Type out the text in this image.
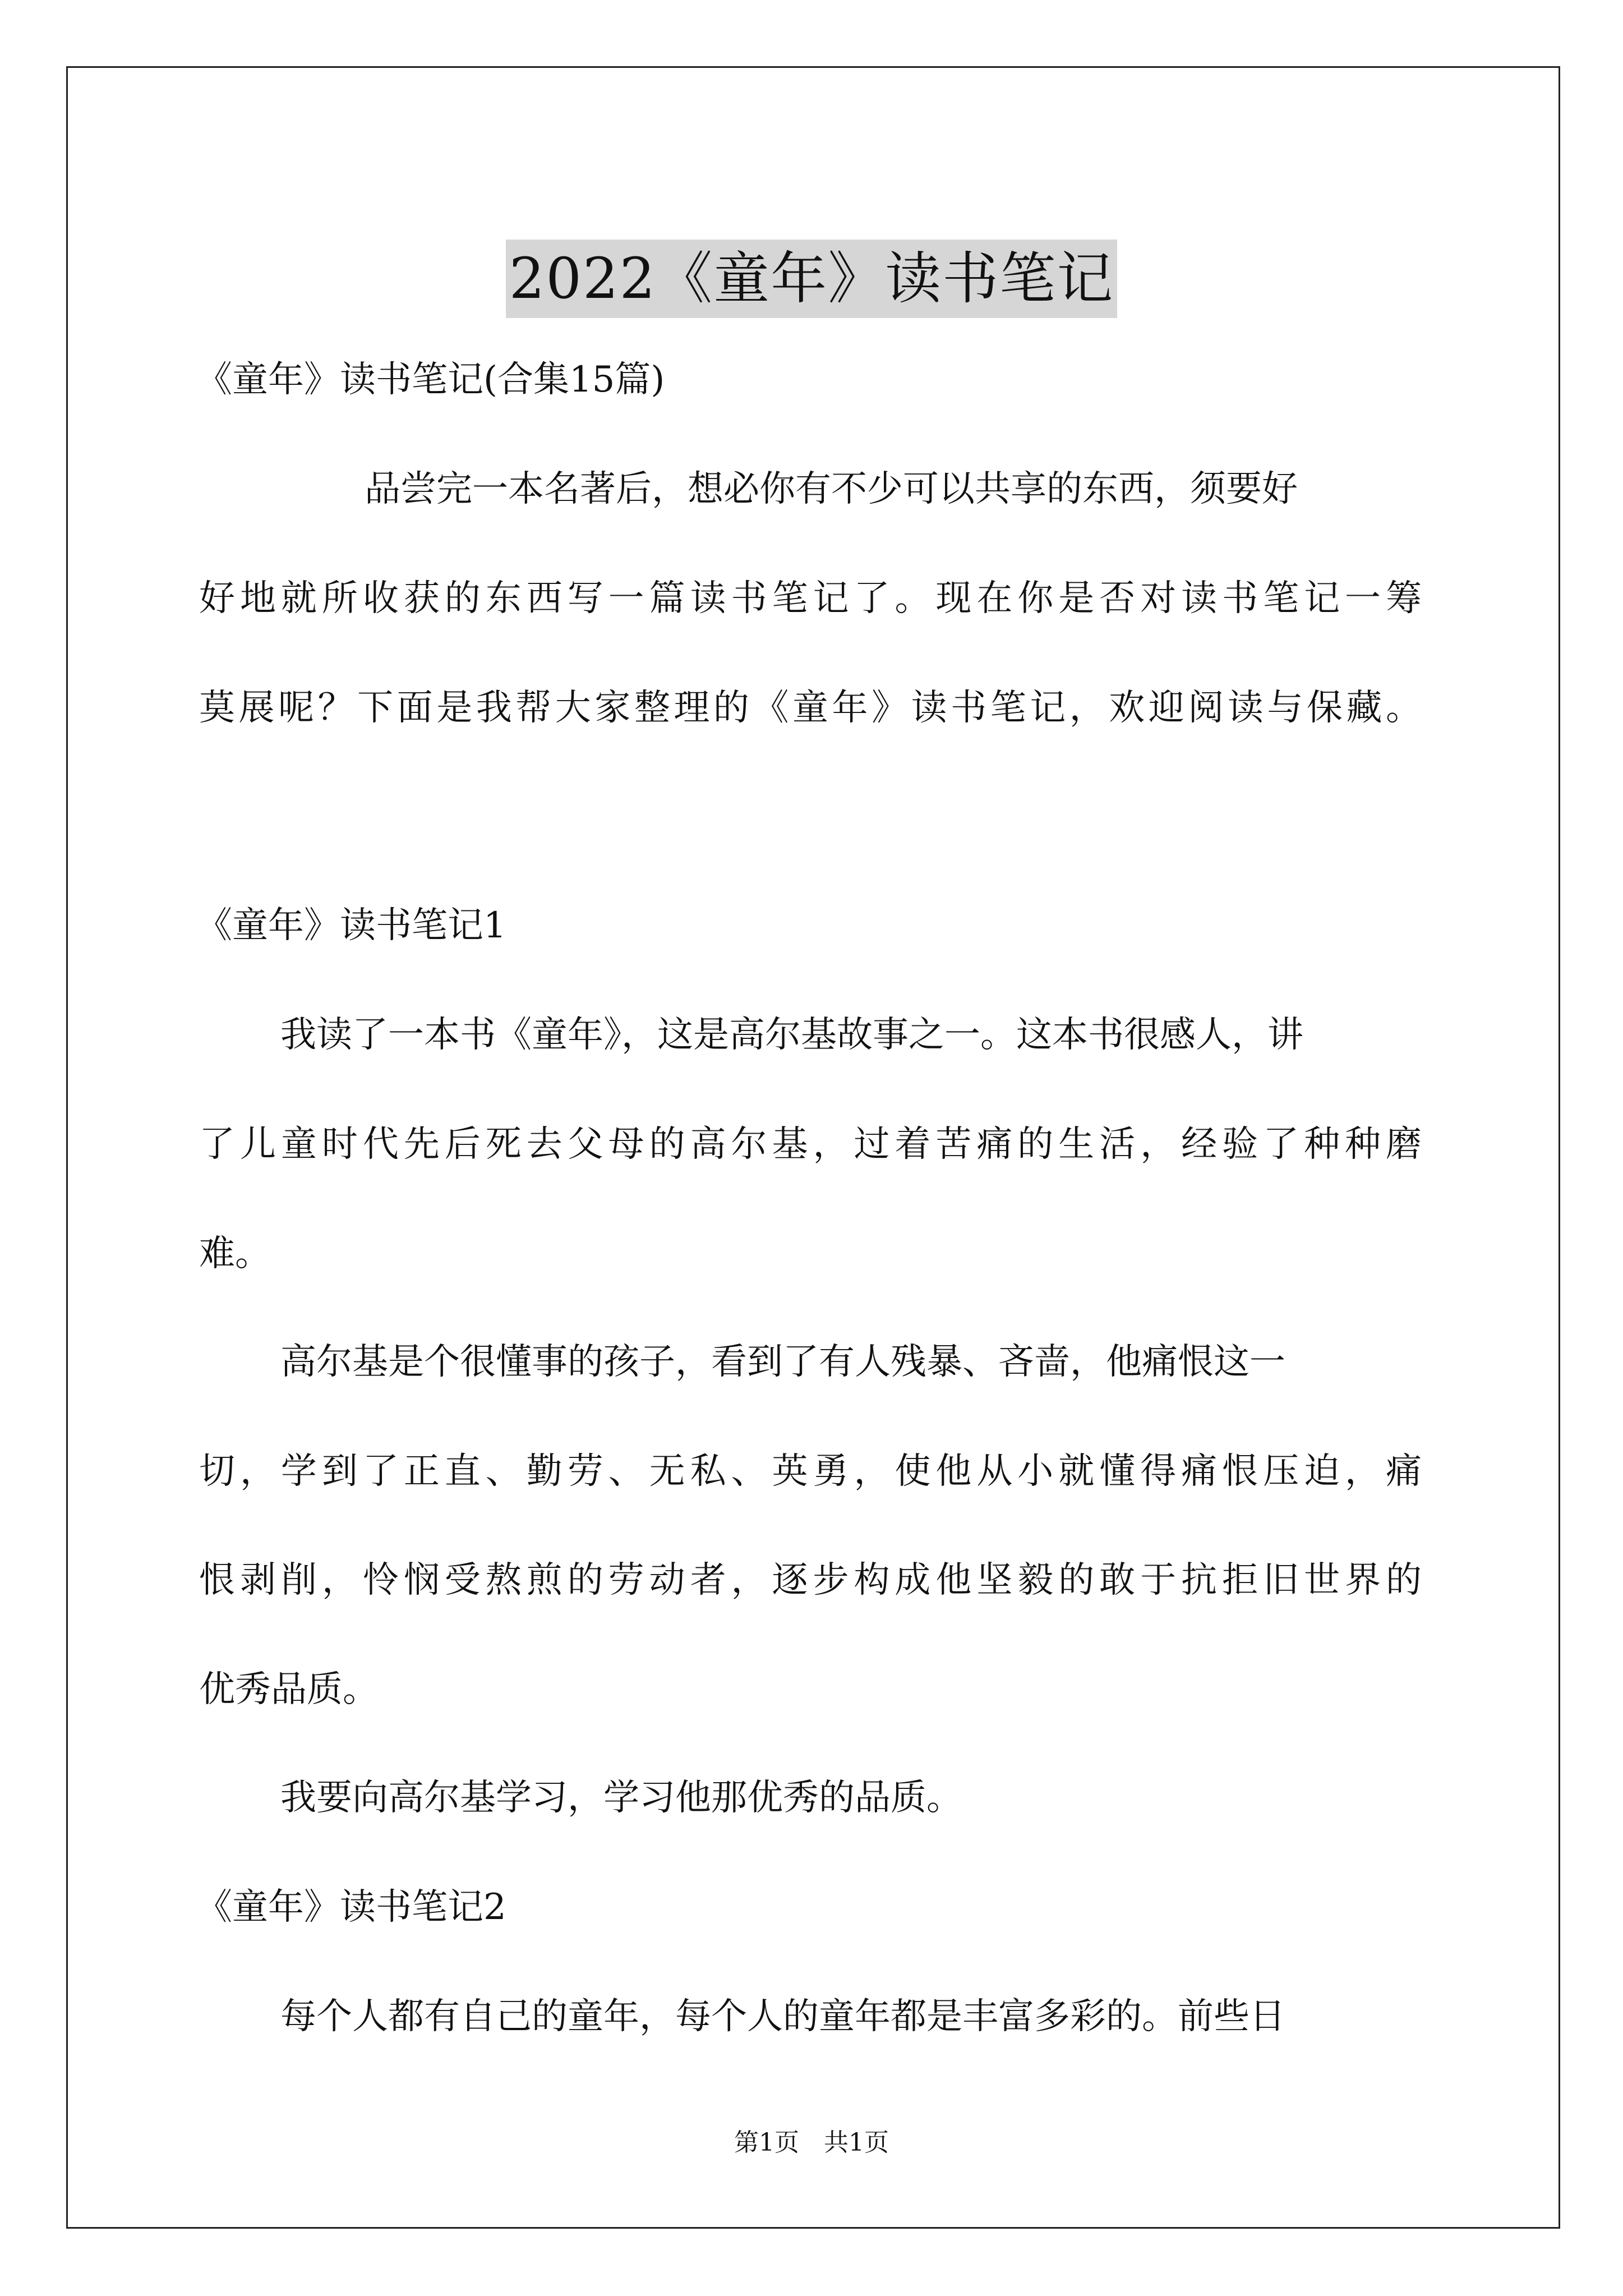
2022《童年》读书笔记
《童年》读书笔记(合集15篇)
品尝完一本名著后，想必你有不少可以共享的东西，须要好
好地就所收获的东西写一篇读书笔记了。现在你是否对读书笔记一筹
莫展呢？下面是我帮大家整理的《童年》读书笔记，欢迎阅读与保藏。
《童年》读书笔记1
我读了一本书《童年》，这是高尔基故事之一。这本书很感人，讲
了儿童时代先后死去父母的高尔基，过着苦痛的生活，经验了种种磨
难。
高尔基是个很懂事的孩子，看到了有人残暴、吝啬，他痛恨这一
切，学到了正直、勤劳、无私、英勇，使他从小就懂得痛恨压迫，痛
恨剥削，怜悯受熬煎的劳动者，逐步构成他坚毅的敢于抗拒旧世界的
优秀品质。
我要向高尔基学习，学习他那优秀的品质。
《童年》读书笔记2
每个人都有自己的童年，每个人的童年都是丰富多彩的。前些日
第1页　共1页
